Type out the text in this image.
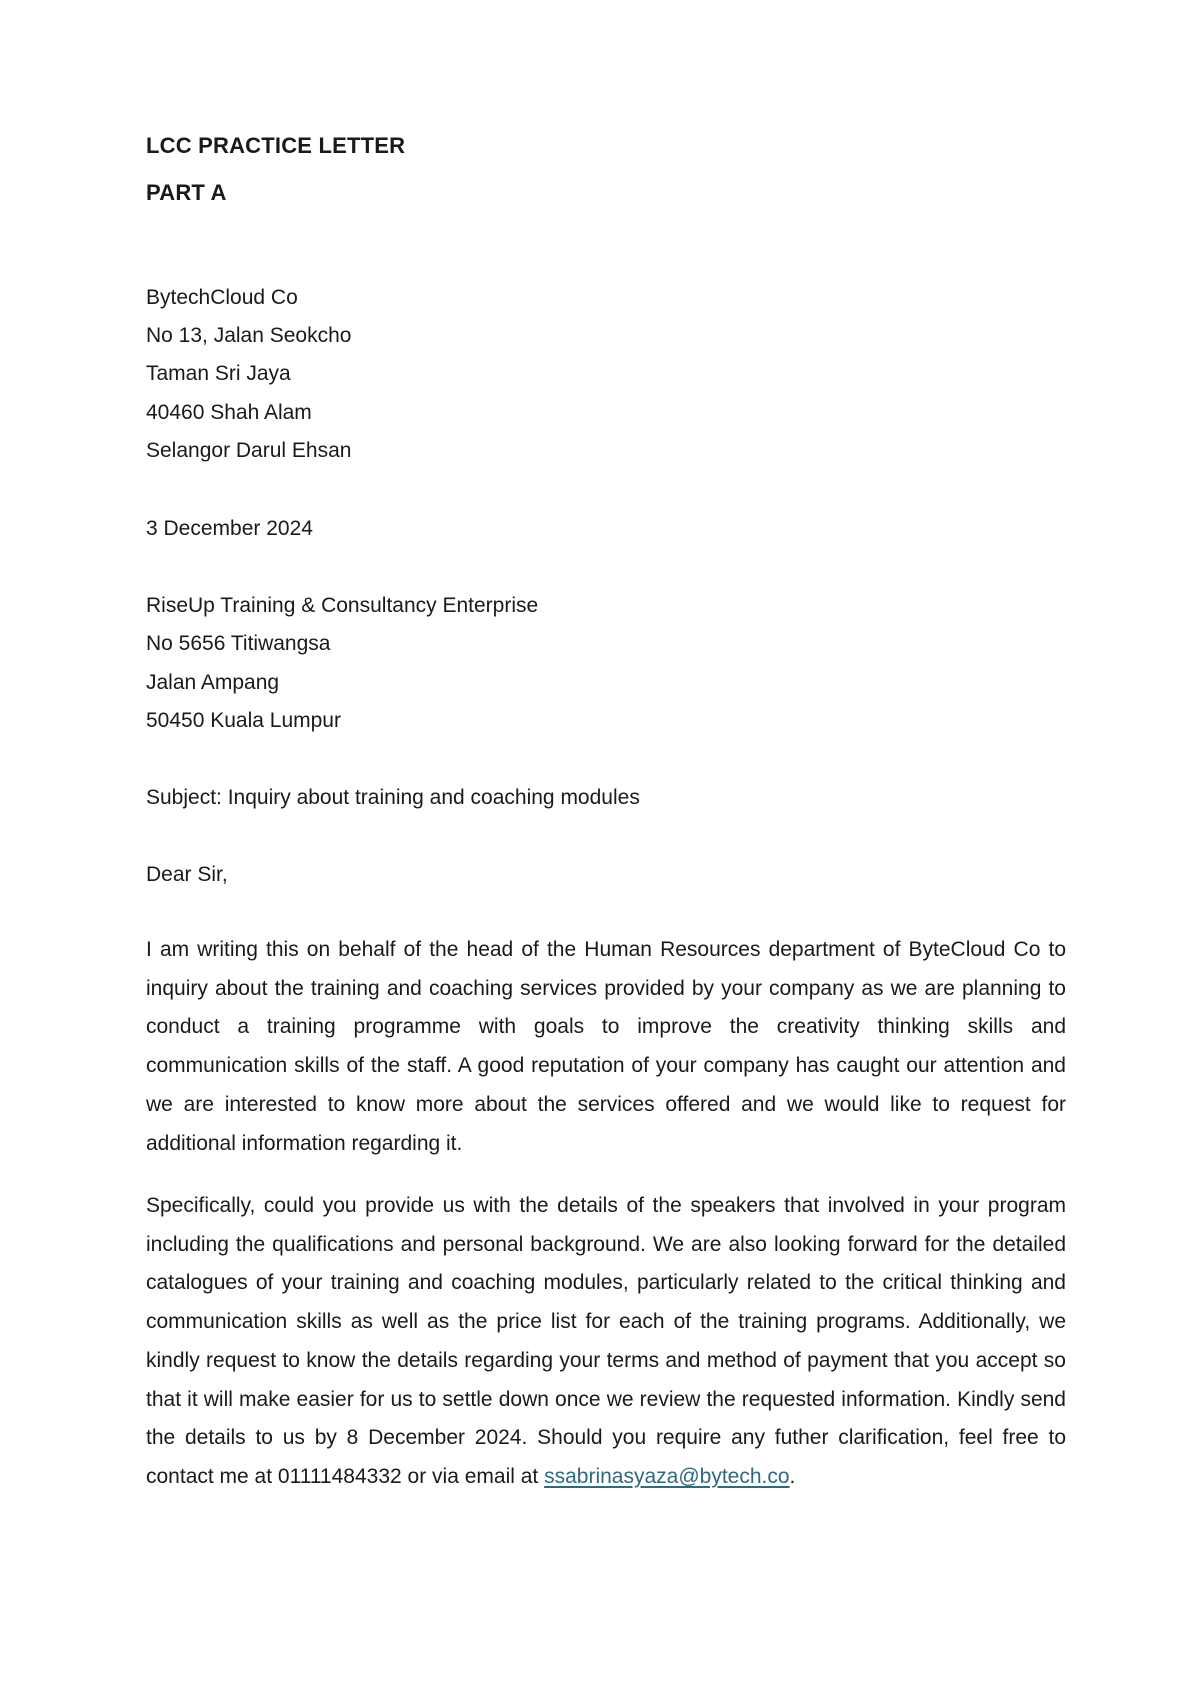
LCC PRACTICE LETTER
PART A
BytechCloud Co
No 13, Jalan Seokcho
Taman Sri Jaya
40460 Shah Alam
Selangor Darul Ehsan
3 December 2024
RiseUp Training & Consultancy Enterprise
No 5656 Titiwangsa
Jalan Ampang
50450 Kuala Lumpur
Subject: Inquiry about training and coaching modules
Dear Sir,
I am writing this on behalf of the head of the Human Resources department of ByteCloud Co to inquiry about the training and coaching services provided by your company as we are planning to conduct a training programme with goals to improve the creativity thinking skills and communication skills of the staff. A good reputation of your company has caught our attention and we are interested to know more about the services offered and we would like to request for additional information regarding it.
Specifically, could you provide us with the details of the speakers that involved in your program including the qualifications and personal background. We are also looking forward for the detailed catalogues of your training and coaching modules, particularly related to the critical thinking and communication skills as well as the price list for each of the training programs. Additionally, we kindly request to know the details regarding your terms and method of payment that you accept so that it will make easier for us to settle down once we review the requested information. Kindly send the details to us by 8 December 2024. Should you require any futher clarification, feel free to contact me at 01111484332 or via email at ssabrinasyaza@bytech.co.
